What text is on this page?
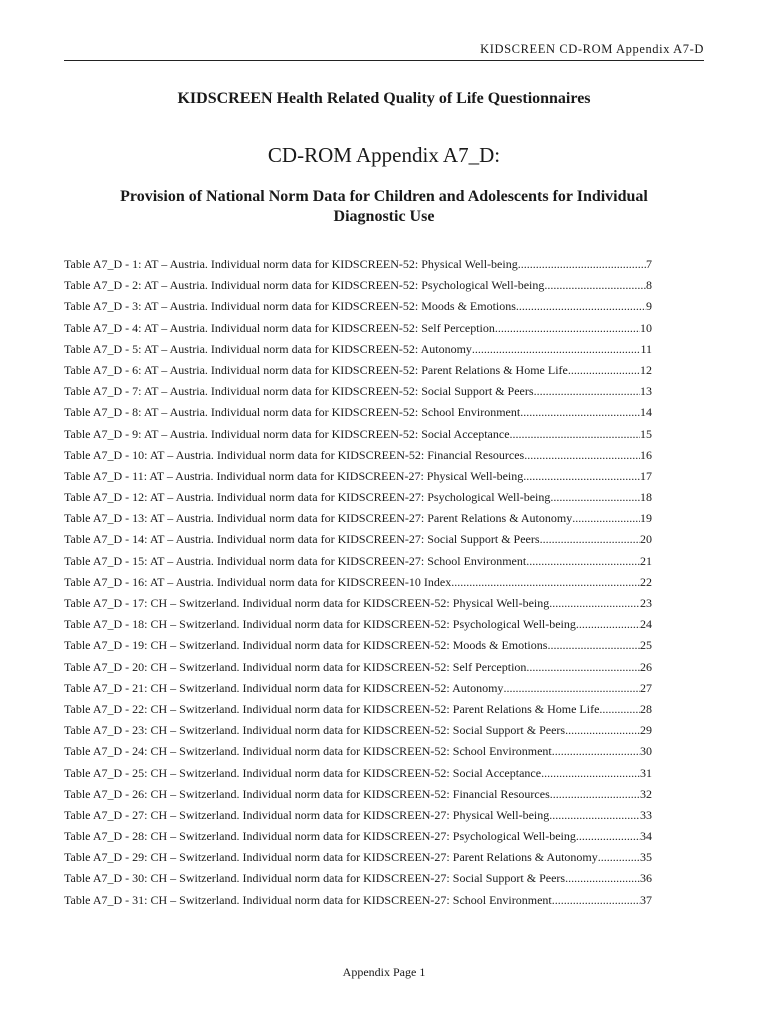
KIDSCREEN CD-ROM Appendix A7-D
KIDSCREEN Health Related Quality of Life Questionnaires
CD-ROM Appendix A7_D:
Provision of National Norm Data for Children and Adolescents for Individual Diagnostic Use
Table A7_D - 1: AT – Austria. Individual norm data for KIDSCREEN-52: Physical Well-being .....	7
Table A7_D - 2: AT – Austria. Individual norm data for KIDSCREEN-52: Psychological Well-being .....	8
Table A7_D - 3: AT – Austria. Individual norm data for KIDSCREEN-52: Moods & Emotions .....	9
Table A7_D - 4: AT – Austria. Individual norm data for KIDSCREEN-52: Self Perception .....	10
Table A7_D - 5: AT – Austria. Individual norm data for KIDSCREEN-52: Autonomy .....	11
Table A7_D - 6: AT – Austria. Individual norm data for KIDSCREEN-52: Parent Relations & Home Life .....	12
Table A7_D - 7: AT – Austria. Individual norm data for KIDSCREEN-52: Social Support & Peers .....	13
Table A7_D - 8: AT – Austria. Individual norm data for KIDSCREEN-52: School Environment .....	14
Table A7_D - 9: AT – Austria. Individual norm data for KIDSCREEN-52: Social Acceptance .....	15
Table A7_D - 10: AT – Austria. Individual norm data for KIDSCREEN-52: Financial Resources .....	16
Table A7_D - 11: AT – Austria. Individual norm data for KIDSCREEN-27: Physical Well-being .....	17
Table A7_D - 12: AT – Austria. Individual norm data for KIDSCREEN-27: Psychological Well-being .....	18
Table A7_D - 13: AT – Austria. Individual norm data for KIDSCREEN-27: Parent Relations & Autonomy .....	19
Table A7_D - 14: AT – Austria. Individual norm data for KIDSCREEN-27: Social Support & Peers .....	20
Table A7_D - 15: AT – Austria. Individual norm data for KIDSCREEN-27: School Environment .....	21
Table A7_D - 16: AT – Austria. Individual norm data for KIDSCREEN-10 Index .....	22
Table A7_D - 17: CH – Switzerland. Individual norm data for KIDSCREEN-52: Physical Well-being .....	23
Table A7_D - 18: CH – Switzerland. Individual norm data for KIDSCREEN-52: Psychological Well-being .....	24
Table A7_D - 19: CH – Switzerland. Individual norm data for KIDSCREEN-52: Moods & Emotions .....	25
Table A7_D - 20: CH – Switzerland. Individual norm data for KIDSCREEN-52: Self Perception .....	26
Table A7_D - 21: CH – Switzerland. Individual norm data for KIDSCREEN-52: Autonomy .....	27
Table A7_D - 22: CH – Switzerland. Individual norm data for KIDSCREEN-52: Parent Relations & Home Life .....	28
Table A7_D - 23: CH – Switzerland. Individual norm data for KIDSCREEN-52: Social Support & Peers .....	29
Table A7_D - 24: CH – Switzerland. Individual norm data for KIDSCREEN-52: School Environment .....	30
Table A7_D - 25: CH – Switzerland. Individual norm data for KIDSCREEN-52: Social Acceptance .....	31
Table A7_D - 26: CH – Switzerland. Individual norm data for KIDSCREEN-52: Financial Resources .....	32
Table A7_D - 27: CH – Switzerland. Individual norm data for KIDSCREEN-27: Physical Well-being .....	33
Table A7_D - 28: CH – Switzerland. Individual norm data for KIDSCREEN-27: Psychological Well-being .....	34
Table A7_D - 29: CH – Switzerland. Individual norm data for KIDSCREEN-27: Parent Relations & Autonomy .....	35
Table A7_D - 30: CH – Switzerland. Individual norm data for KIDSCREEN-27: Social Support & Peers .....	36
Table A7_D - 31: CH – Switzerland. Individual norm data for KIDSCREEN-27: School Environment .....	37
Appendix Page 1
